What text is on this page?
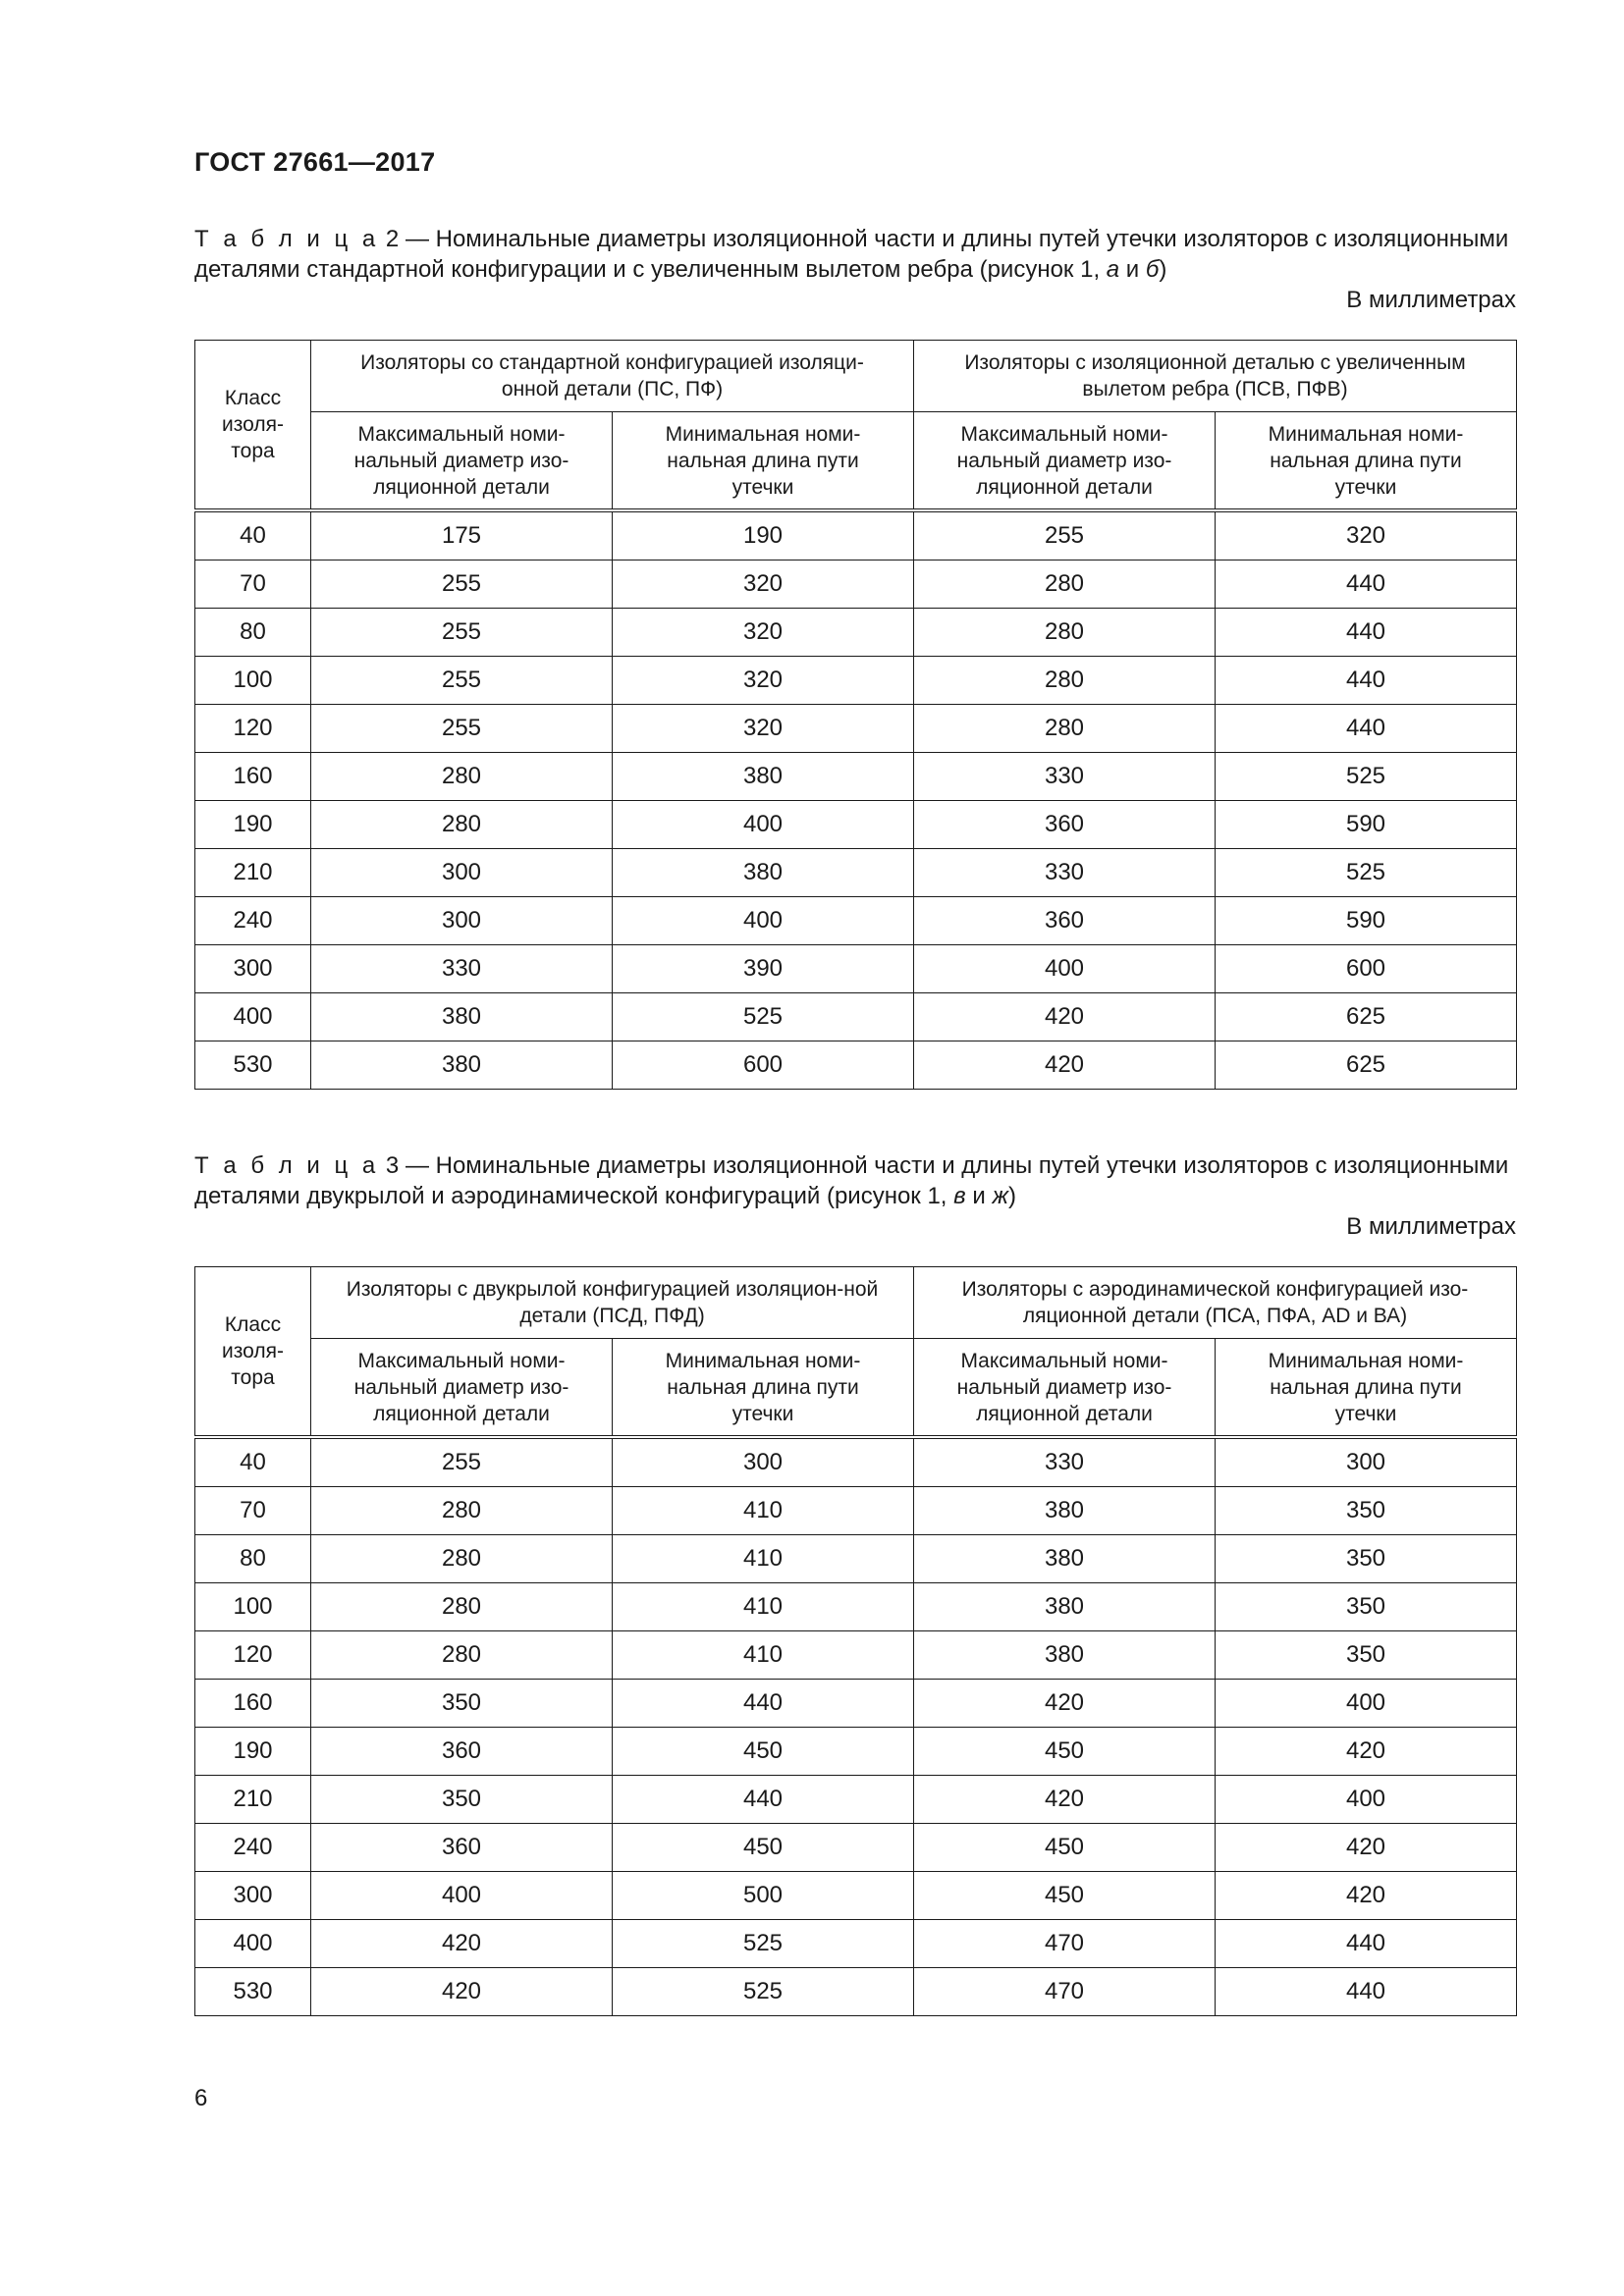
ГОСТ 27661—2017

Т а б л и ц а 2 — Номинальные диаметры изоляционной части и длины путей утечки изоляторов с изоляционными деталями стандартной конфигурации и с увеличенным вылетом ребра (рисунок 1, а и б)

В миллиметрах

Класс изоля-тора	Изоляторы со стандартной конфигурацией изоляци-онной детали (ПС, ПФ)		Изоляторы с изоляционной деталью с увеличенным вылетом ребра (ПСВ, ПФВ)	

	Максимальный номи-нальный диаметр изо-ляционной детали	Минимальная номи-нальная длина пути утечки	Максимальный номи-нальный диаметр изо-ляционной детали	Минимальная номи-нальная длина пути утечки

40	175	190	255	320
70	255	320	280	440
80	255	320	280	440
100	255	320	280	440
120	255	320	280	440
160	280	380	330	525
190	280	400	360	590
210	300	380	330	525
240	300	400	360	590
300	330	390	400	600
400	380	525	420	625
530	380	600	420	625

Т а б л и ц а 3 — Номинальные диаметры изоляционной части и длины путей утечки изоляторов с изоляционными деталями двукрылой и аэродинамической конфигураций (рисунок 1, в и ж)

В миллиметрах

Класс изоля-тора	Изоляторы с двукрылой конфигурацией изоляцион-ной детали (ПСД, ПФД)		Изоляторы с аэродинамической конфигурацией изо-ляционной детали (ПСА, ПФА, AD и ВА)	

	Максимальный номи-нальный диаметр изо-ляционной детали	Минимальная номи-нальная длина пути утечки	Максимальный номи-нальный диаметр изо-ляционной детали	Минимальная номи-нальная длина пути утечки

40	255	300	330	300
70	280	410	380	350
80	280	410	380	350
100	280	410	380	350
120	280	410	380	350
160	350	440	420	400
190	360	450	450	420
210	350	440	420	400
240	360	450	450	420
300	400	500	450	420
400	420	525	470	440
530	420	525	470	440

6
